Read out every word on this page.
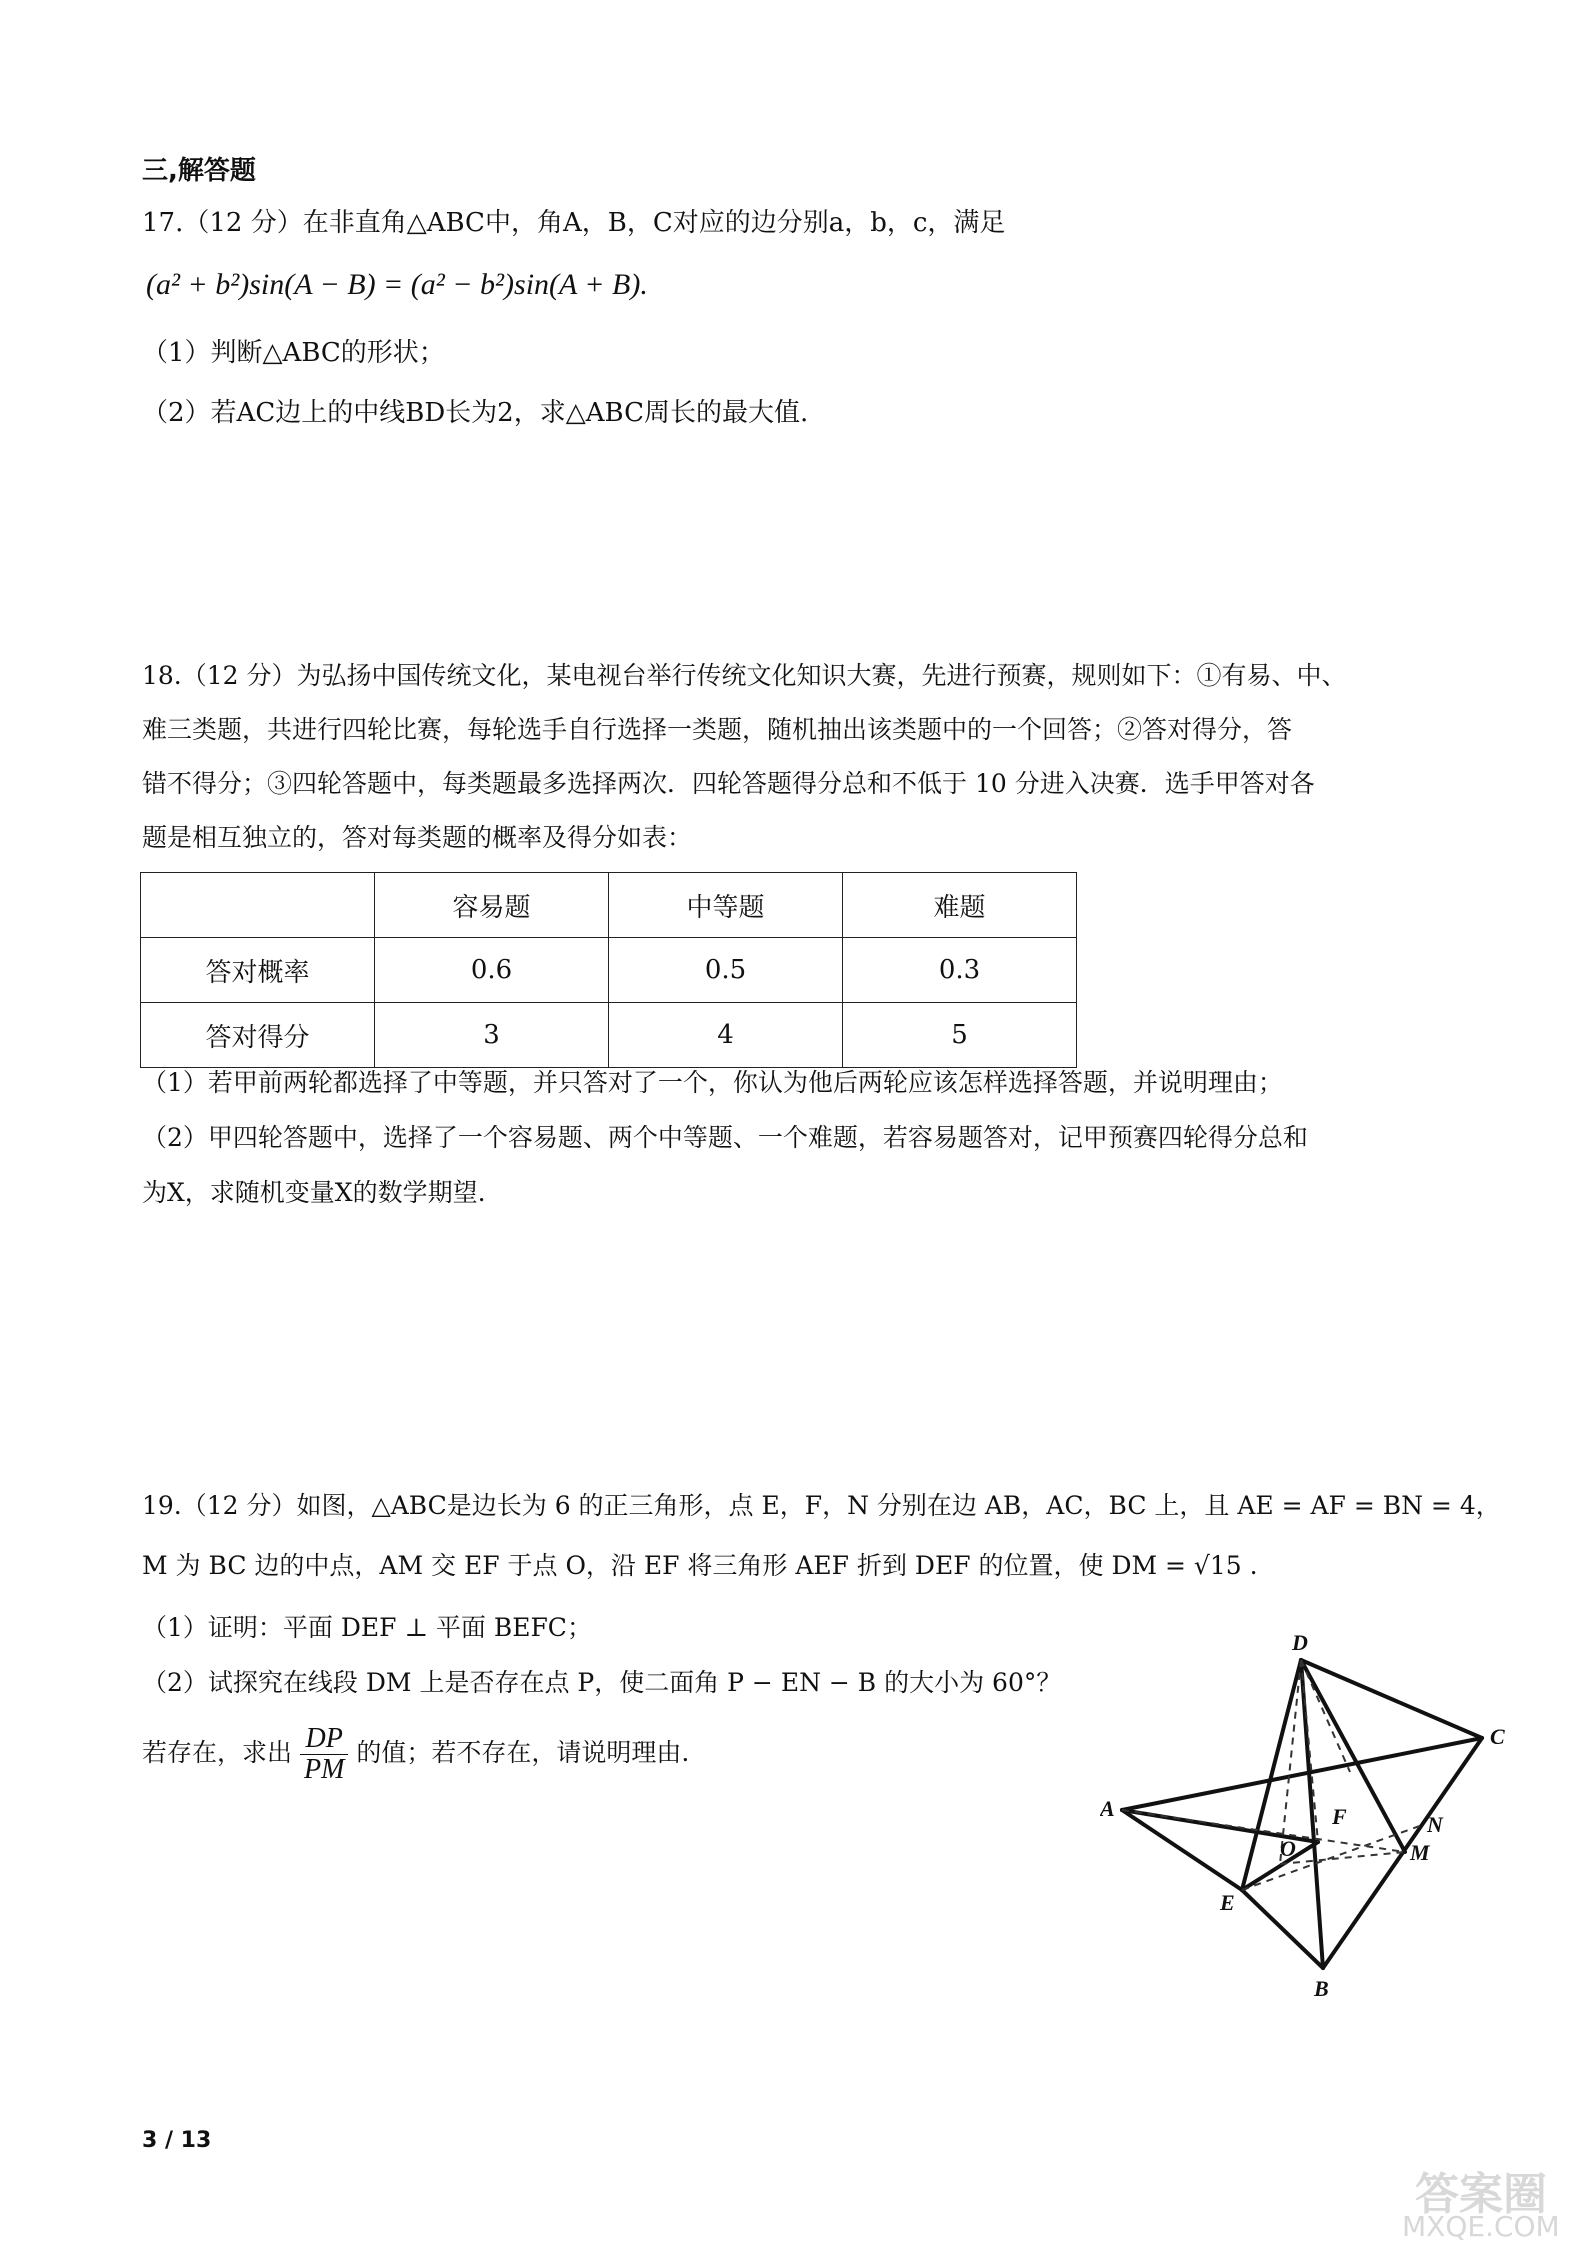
三,解答题
17.（12 分）在非直角△ABC中，角A，B，C对应的边分别a，b，c，满足
(a² + b²)sin(A − B) = (a² − b²)sin(A + B).
（1）判断△ABC的形状；
（2）若AC边上的中线BD长为2，求△ABC周长的最大值.
18.（12 分）为弘扬中国传统文化，某电视台举行传统文化知识大赛，先进行预赛，规则如下：①有易、中、
难三类题，共进行四轮比赛，每轮选手自行选择一类题，随机抽出该类题中的一个回答；②答对得分，答
错不得分；③四轮答题中，每类题最多选择两次．四轮答题得分总和不低于 10 分进入决赛．选手甲答对各
题是相互独立的，答对每类题的概率及得分如表：
	容易题	中等题	难题
答对概率	0.6	0.5	0.3
答对得分	3	4	5
（1）若甲前两轮都选择了中等题，并只答对了一个，你认为他后两轮应该怎样选择答题，并说明理由；
（2）甲四轮答题中，选择了一个容易题、两个中等题、一个难题，若容易题答对，记甲预赛四轮得分总和
为X，求随机变量X的数学期望.
19.（12 分）如图，△ABC是边长为 6 的正三角形，点 E，F，N 分别在边 AB，AC，BC 上，且 AE = AF = BN = 4，
M 为 BC 边的中点，AM 交 EF 于点 O，沿 EF 将三角形 AEF 折到 DEF 的位置，使 DM = √15 .
（1）证明：平面 DEF ⊥ 平面 BEFC；
（2）试探究在线段 DM 上是否存在点 P，使二面角 P − EN − B 的大小为 60°？
若存在，求出 $\frac{DP}{PM}$ 的值；若不存在，请说明理由.
D
C
F
A
O
N
M
E
B
3 / 13
答案圈
MXQE.COM
